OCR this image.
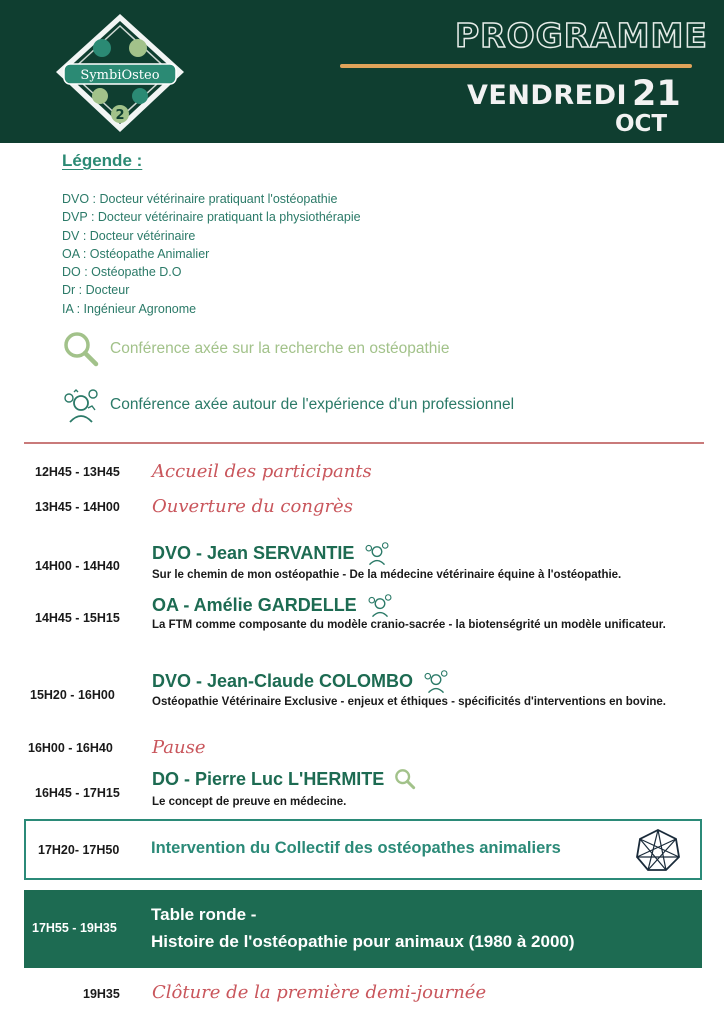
SymbiOsteo
2
PROGRAMME
VENDREDI 21
OCT
Légende :
DVO : Docteur vétérinaire pratiquant l'ostéopathie
DVP : Docteur vétérinaire pratiquant la physiothérapie
DV : Docteur vétérinaire
OA : Ostéopathe Animalier
DO : Ostéopathe D.O
Dr : Docteur
IA : Ingénieur Agronome
Conférence axée sur la recherche en ostéopathie
Conférence axée autour de l'expérience d'un professionnel
12H45 - 13H45 Accueil des participants
13H45 - 14H00 Ouverture du congrès
DVO - Jean SERVANTIE
14H00 - 14H40
Sur le chemin de mon ostéopathie - De la médecine vétérinaire équine à l'ostéopathie.
OA - Amélie GARDELLE
14H45 - 15H15	La FTM comme composante du modèle cranio-sacrée - la biotenségrité un modèle unificateur.
DVO - Jean-Claude COLOMBO
15H20 - 16H00	Ostéopathie Vétérinaire Exclusive - enjeux et éthiques - spécificités d'interventions en bovine.
16H00 - 16H40 Pause
DO - Pierre Luc L'HERMITE
16H45 - 17H15
Le concept de preuve en médecine.
17H20- 17H50 Intervention du Collectif des ostéopathes animaliers
17H55 - 19H35
Table ronde -
Histoire de l'ostéopathie pour animaux (1980 à 2000)
19H35 Clôture de la première demi-journée
